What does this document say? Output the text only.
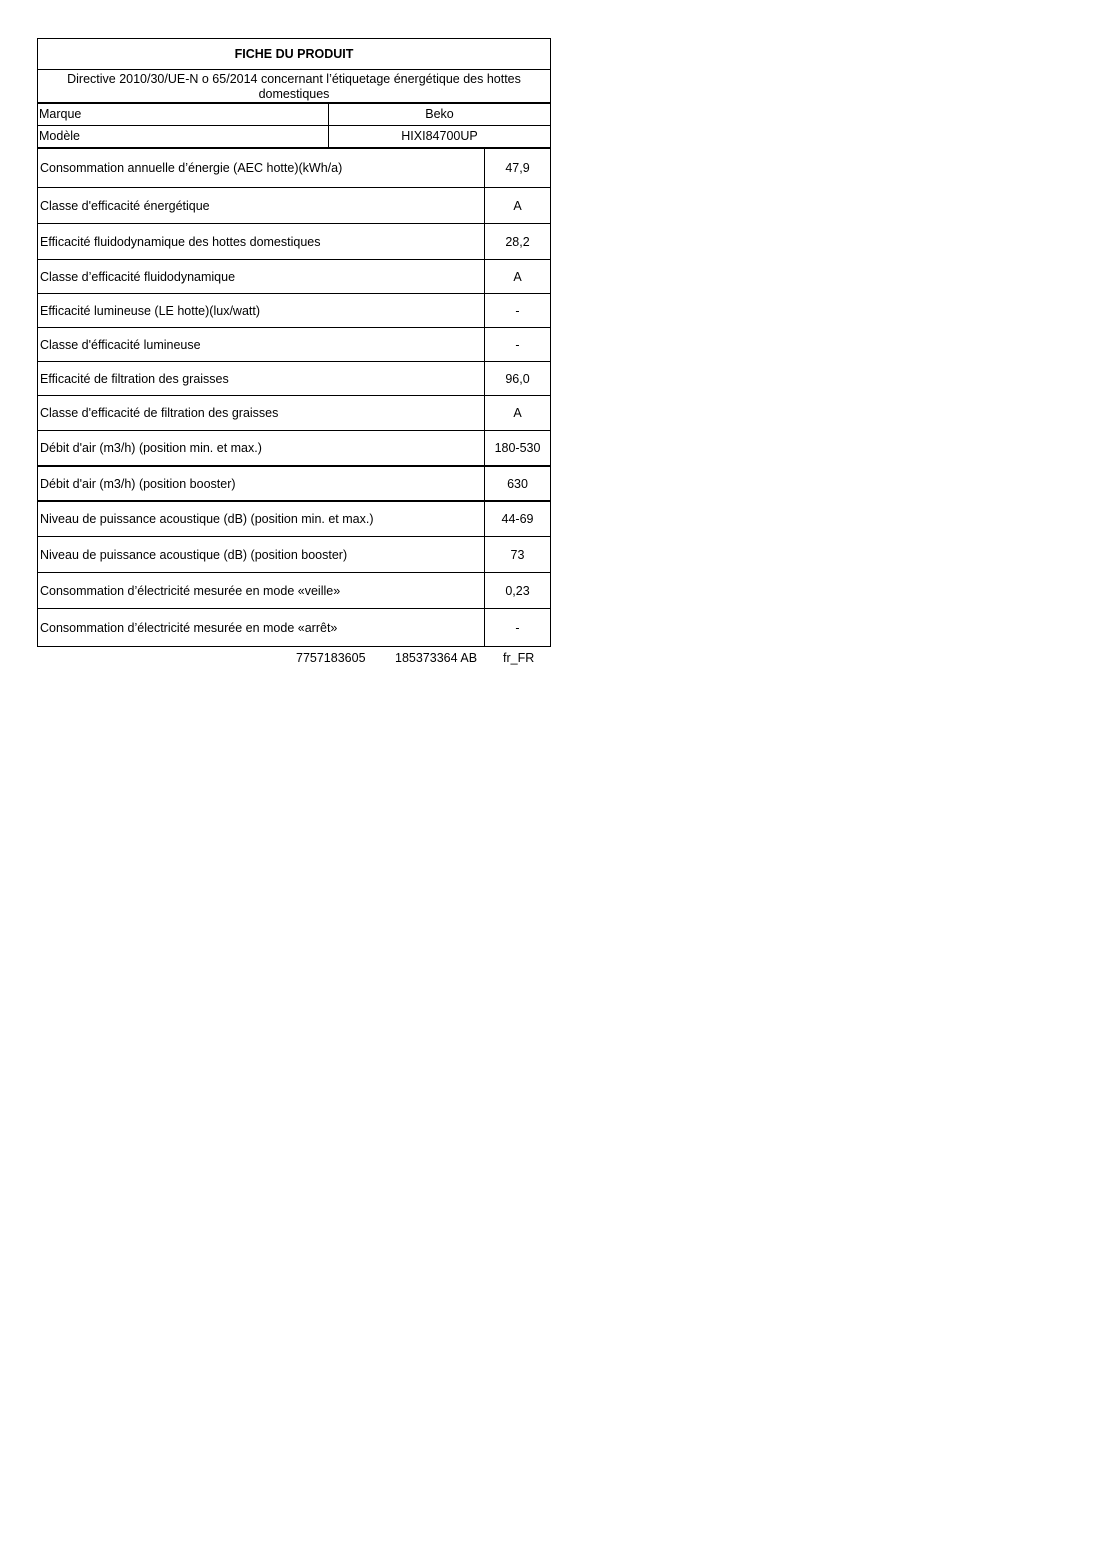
FICHE DU PRODUIT
Directive 2010/30/UE-N o 65/2014 concernant l’étiquetage énergétique des hottes domestiques
Marque	Beko
Modèle	HIXI84700UP
Consommation annuelle d’énergie (AEC hotte)(kWh/a)	47,9
Classe d'efficacité énergétique	A
Efficacité fluidodynamique des hottes domestiques	28,2
Classe d’efficacité fluidodynamique	A
Efficacité lumineuse (LE hotte)(lux/watt)	-
Classe d'éfficacité lumineuse	-
Efficacité de filtration des graisses	96,0
Classe d'efficacité de filtration des graisses	A
Débit d'air (m3/h) (position min. et max.)	180-530
Débit d'air (m3/h) (position booster)	630
Niveau de puissance acoustique (dB) (position min. et max.)	44-69
Niveau de puissance acoustique (dB) (position booster)	73
Consommation d’électricité mesurée en mode «veille»	0,23
Consommation d’électricité mesurée en mode «arrêt»	-
7757183605 185373364 AB fr_FR
